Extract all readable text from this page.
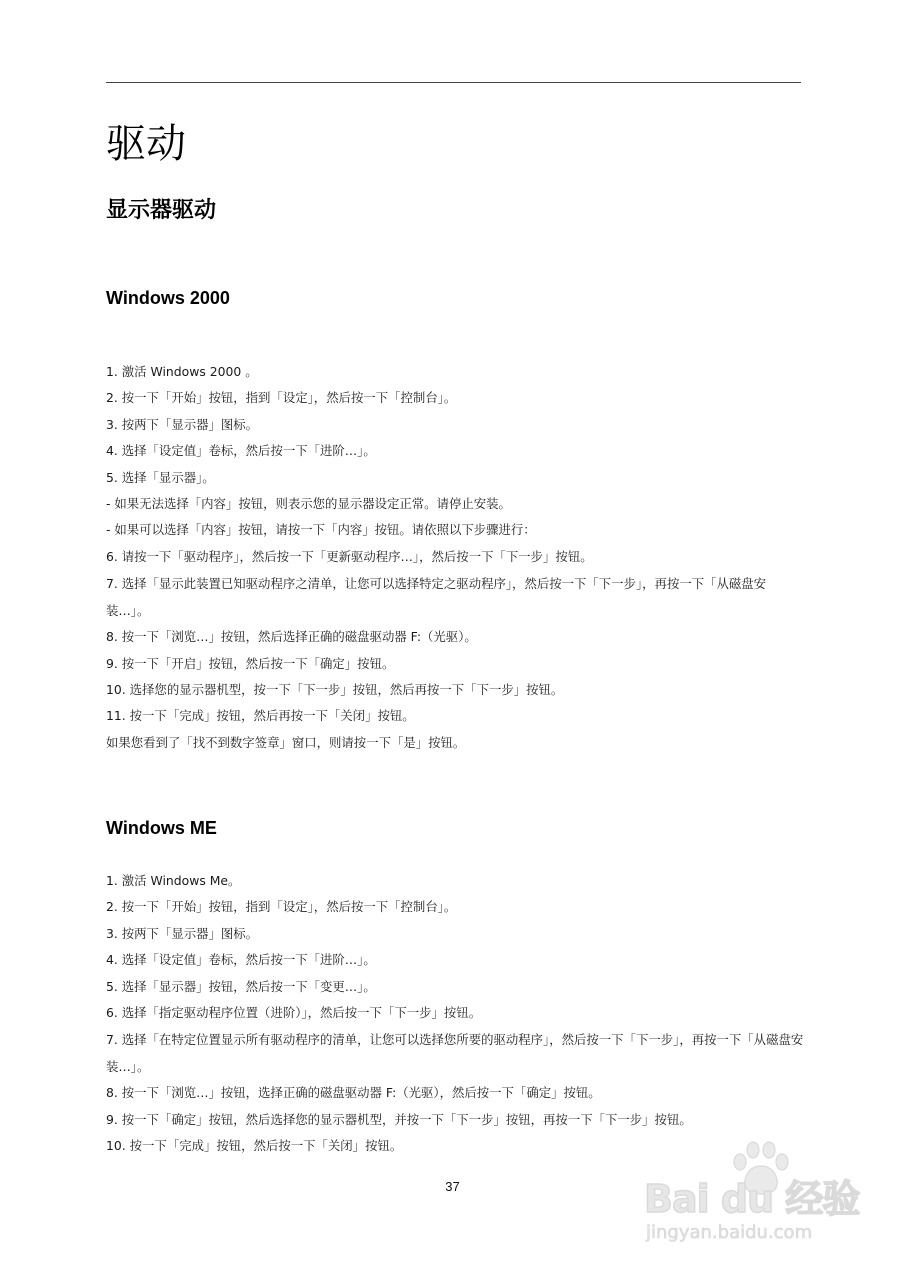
驱动
显示器驱动
Windows 2000
1. 激活 Windows 2000 。
2. 按一下「开始」按钮，指到「设定」，然后按一下「控制台」。
3. 按两下「显示器」图标。
4. 选择「设定值」卷标，然后按一下「进阶…」。
5. 选择「显示器」。
- 如果无法选择「内容」按钮，则表示您的显示器设定正常。请停止安装。
- 如果可以选择「内容」按钮，请按一下「内容」按钮。请依照以下步骤进行：
6. 请按一下「驱动程序」，然后按一下「更新驱动程序…」，然后按一下「下一步」按钮。
7. 选择「显示此装置已知驱动程序之清单，让您可以选择特定之驱动程序」，然后按一下「下一步」，再按一下「从磁盘安装…」。
8. 按一下「浏览…」按钮，然后选择正确的磁盘驱动器 F:（光驱）。
9. 按一下「开启」按钮，然后按一下「确定」按钮。
10. 选择您的显示器机型，按一下「下一步」按钮，然后再按一下「下一步」按钮。
11. 按一下「完成」按钮，然后再按一下「关闭」按钮。
如果您看到了「找不到数字签章」窗口，则请按一下「是」按钮。
Windows ME
1. 激活 Windows Me。
2. 按一下「开始」按钮，指到「设定」，然后按一下「控制台」。
3. 按两下「显示器」图标。
4. 选择「设定值」卷标，然后按一下「进阶…」。
5. 选择「显示器」按钮，然后按一下「变更…」。
6. 选择「指定驱动程序位置（进阶）」，然后按一下「下一步」按钮。
7. 选择「在特定位置显示所有驱动程序的清单，让您可以选择您所要的驱动程序」，然后按一下「下一步」，再按一下「从磁盘安装…」。
8. 按一下「浏览…」按钮，选择正确的磁盘驱动器 F:（光驱），然后按一下「确定」按钮。
9. 按一下「确定」按钮，然后选择您的显示器机型，并按一下「下一步」按钮，再按一下「下一步」按钮。
10. 按一下「完成」按钮，然后按一下「关闭」按钮。
37	Bai du 经验
jingyan.baidu.com
